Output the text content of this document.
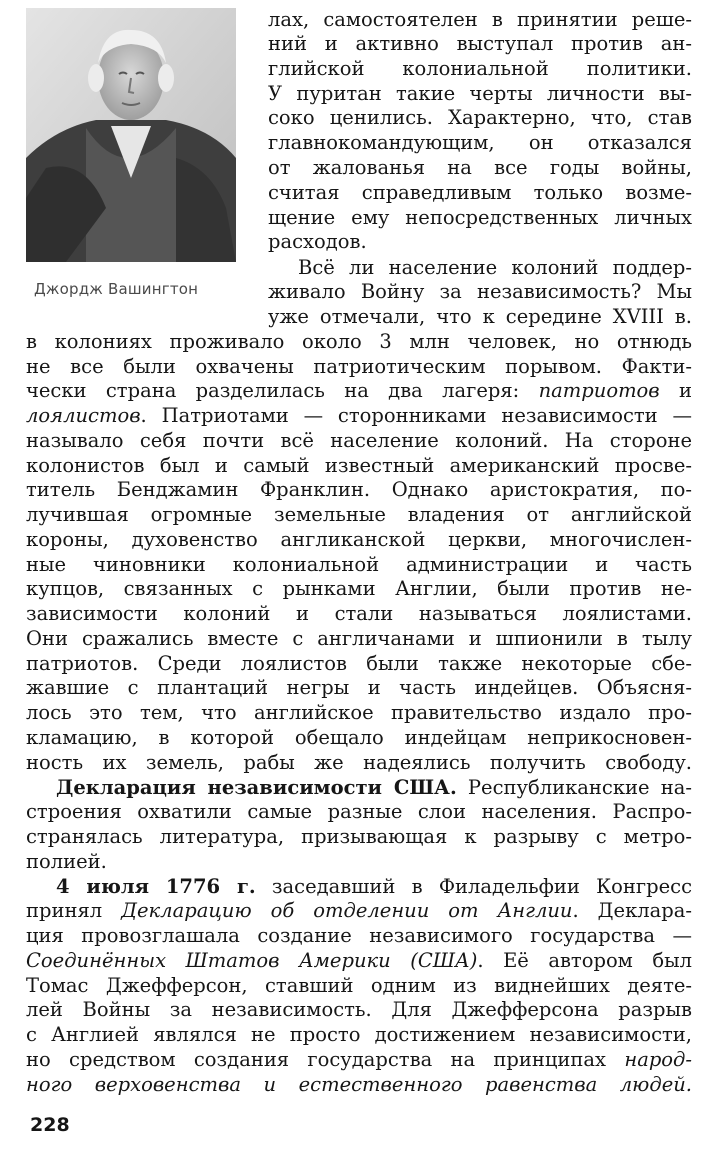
Джордж Вашингтон
лах, самостоятелен в принятии реше-
ний и активно выступал против ан-
глийской колониальной политики.
У пуритан такие черты личности вы-
соко ценились. Характерно, что, став
главнокомандующим, он отказался
от жалованья на все годы войны,
считая справедливым только возме-
щение ему непосредственных личных
расходов.
Всё ли население колоний поддер-
живало Войну за независимость? Мы
уже отмечали, что к середине XVIII в.
в колониях проживало около 3 млн человек, но отнюдь
не все были охвачены патриотическим порывом. Факти-
чески страна разделилась на два лагеря: патриотов и
лоялистов. Патриотами — сторонниками независимости —
называло себя почти всё население колоний. На стороне
колонистов был и самый известный американский просве-
титель Бенджамин Франклин. Однако аристократия, по-
лучившая огромные земельные владения от английской
короны, духовенство англиканской церкви, многочислен-
ные чиновники колониальной администрации и часть
купцов, связанных с рынками Англии, были против не-
зависимости колоний и стали называться лоялистами.
Они сражались вместе с англичанами и шпионили в тылу
патриотов. Среди лоялистов были также некоторые сбе-
жавшие с плантаций негры и часть индейцев. Объясня-
лось это тем, что английское правительство издало про-
кламацию, в которой обещало индейцам неприкосновен-
ность их земель, рабы же надеялись получить свободу.
Декларация независимости США. Республиканские на-
строения охватили самые разные слои населения. Распро-
странялась литература, призывающая к разрыву с метро-
полией.
4 июля 1776 г. заседавший в Филадельфии Конгресс
принял Декларацию об отделении от Англии. Деклара-
ция провозглашала создание независимого государства —
Соединённых Штатов Америки (США). Её автором был
Томас Джефферсон, ставший одним из виднейших деяте-
лей Войны за независимость. Для Джефферсона разрыв
с Англией являлся не просто достижением независимости,
но средством создания государства на принципах народ-
ного верховенства и естественного равенства людей.
228
